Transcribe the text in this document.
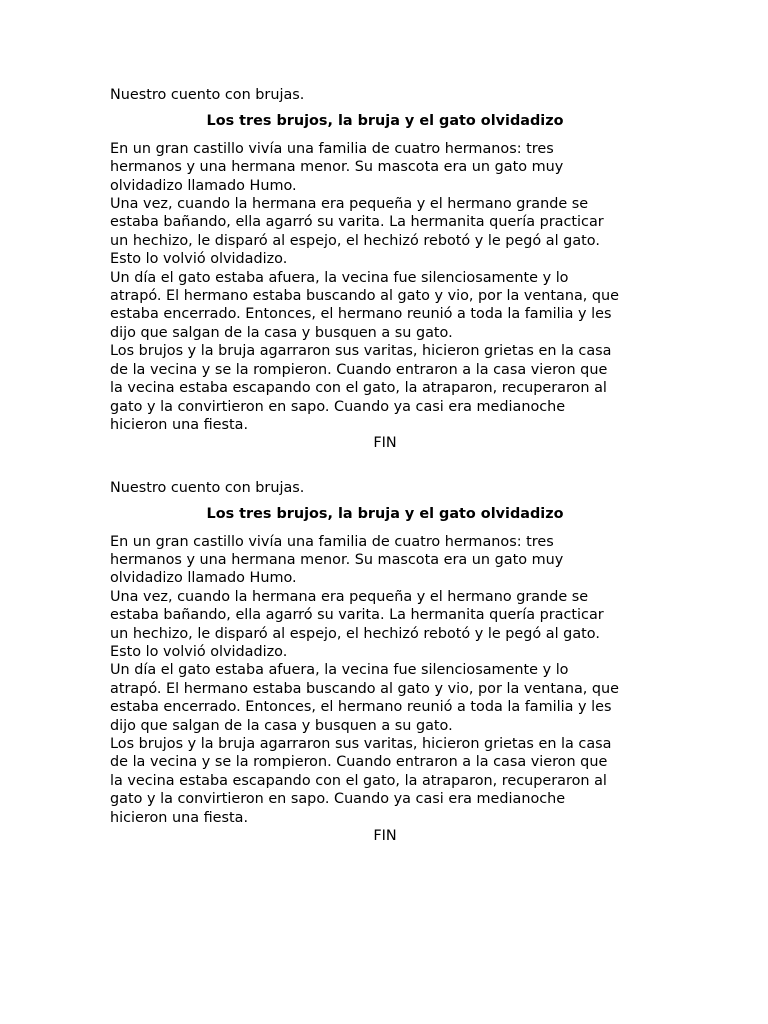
Nuestro cuento con brujas.

Los tres brujos, la bruja y el gato olvidadizo

En un gran castillo vivía una familia de cuatro hermanos: tres
hermanos y una hermana menor. Su mascota era un gato muy
olvidadizo llamado Humo.

Una vez, cuando la hermana era pequeña y el hermano grande se
estaba bañando, ella agarró su varita. La hermanita quería practicar
un hechizo, le disparó al espejo, el hechizó rebotó y le pegó al gato.
Esto lo volvió olvidadizo.

Un día el gato estaba afuera, la vecina fue silenciosamente y lo
atrapó. El hermano estaba buscando al gato y vio, por la ventana, que
estaba encerrado. Entonces, el hermano reunió a toda la familia y les
dijo que salgan de la casa y busquen a su gato.

Los brujos y la bruja agarraron sus varitas, hicieron grietas en la casa
de la vecina y se la rompieron. Cuando entraron a la casa vieron que
la vecina estaba escapando con el gato, la atraparon, recuperaron al
gato y la convirtieron en sapo. Cuando ya casi era medianoche
hicieron una fiesta.

FIN

Nuestro cuento con brujas.

Los tres brujos, la bruja y el gato olvidadizo

En un gran castillo vivía una familia de cuatro hermanos: tres
hermanos y una hermana menor. Su mascota era un gato muy
olvidadizo llamado Humo.

Una vez, cuando la hermana era pequeña y el hermano grande se
estaba bañando, ella agarró su varita. La hermanita quería practicar
un hechizo, le disparó al espejo, el hechizó rebotó y le pegó al gato.
Esto lo volvió olvidadizo.

Un día el gato estaba afuera, la vecina fue silenciosamente y lo
atrapó. El hermano estaba buscando al gato y vio, por la ventana, que
estaba encerrado. Entonces, el hermano reunió a toda la familia y les
dijo que salgan de la casa y busquen a su gato.

Los brujos y la bruja agarraron sus varitas, hicieron grietas en la casa
de la vecina y se la rompieron. Cuando entraron a la casa vieron que
la vecina estaba escapando con el gato, la atraparon, recuperaron al
gato y la convirtieron en sapo. Cuando ya casi era medianoche
hicieron una fiesta.

FIN
